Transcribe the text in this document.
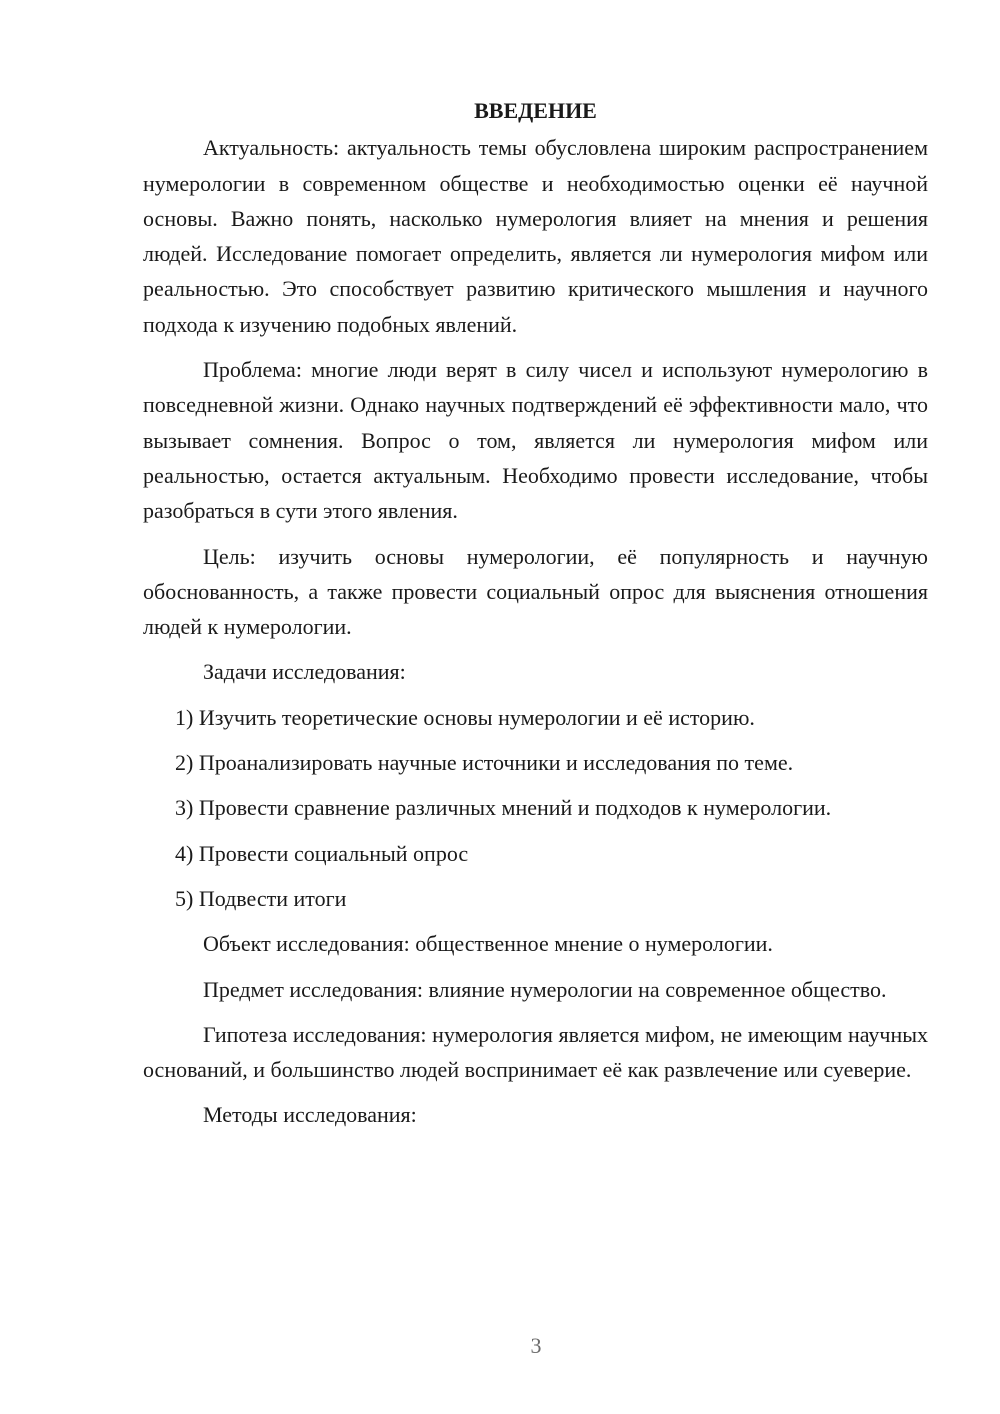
ВВЕДЕНИЕ

Актуальность: актуальность темы обусловлена широким распространением нумерологии в современном обществе и необходимостью оценки её научной основы. Важно понять, насколько нумерология влияет на мнения и решения людей. Исследование помогает определить, является ли нумерология мифом или реальностью. Это способствует развитию критического мышления и научного подхода к изучению подобных явлений.

Проблема: многие люди верят в силу чисел и используют нумерологию в повседневной жизни. Однако научных подтверждений её эффективности мало, что вызывает сомнения. Вопрос о том, является ли нумерология мифом или реальностью, остается актуальным. Необходимо провести исследование, чтобы разобраться в сути этого явления.

Цель: изучить основы нумерологии, её популярность и научную обоснованность, а также провести социальный опрос для выяснения отношения людей к нумерологии.

Задачи исследования:

1) Изучить теоретические основы нумерологии и её историю.
2) Проанализировать научные источники и исследования по теме.
3) Провести сравнение различных мнений и подходов к нумерологии.
4) Провести социальный опрос
5) Подвести итоги

Объект исследования: общественное мнение о нумерологии.

Предмет исследования: влияние нумерологии на современное общество.

Гипотеза исследования: нумерология является мифом, не имеющим научных оснований, и большинство людей воспринимает её как развлечение или суеверие.

Методы исследования:

3
